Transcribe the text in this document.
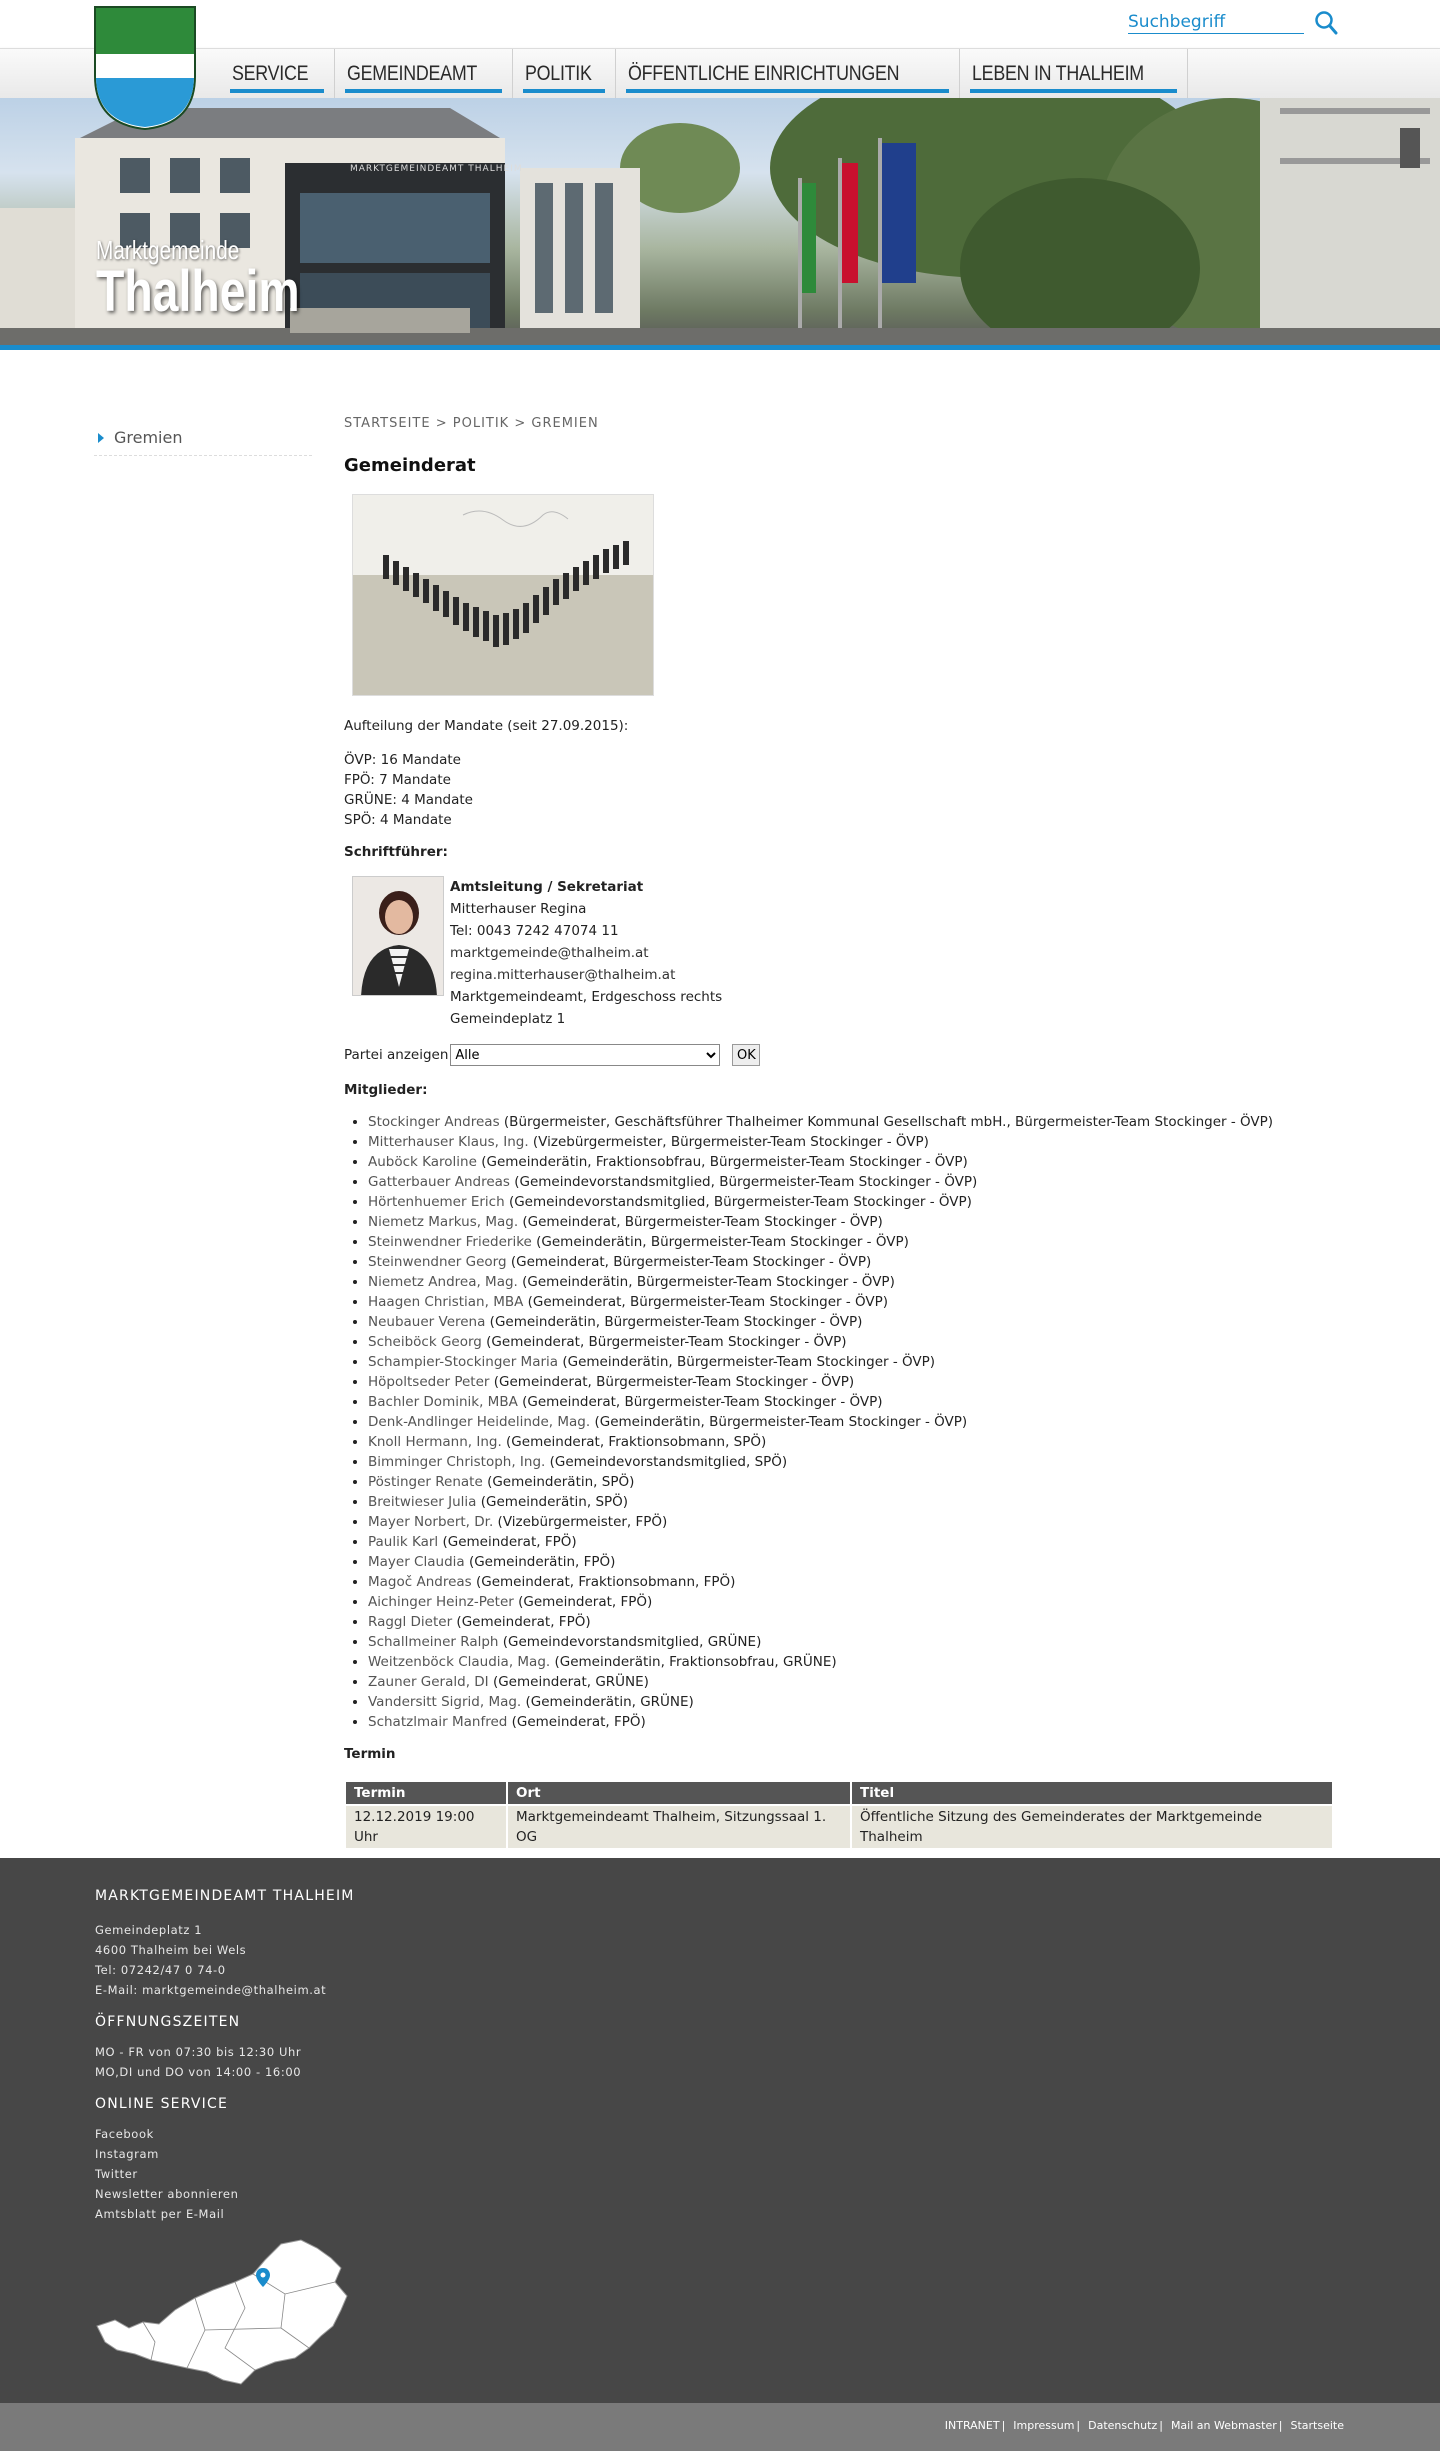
Suchbegriff
SERVICE GEMEINDEAMT POLITIK ÖFFENTLICHE EINRICHTUNGEN	LEBEN IN THALHEIM
MARKTGEMEINDEAMT THALHEIM
Marktgemeinde
Thalheim
Gremien
STARTSEITE > POLITIK > GREMIEN
Gemeinderat

Aufteilung der Mandate (seit 27.09.2015):

ÖVP: 16 Mandate

FPÖ: 7 Mandate

GRÜNE: 4 Mandate

SPÖ: 4 Mandate

Schriftführer:

Amtsleitung / Sekretariat
Mitterhauser Regina
Tel: 0043 7242 47074 11
marktgemeinde@thalheim.at
regina.mitterhauser@thalheim.at
Marktgemeindeamt, Erdgeschoss rechts
Gemeindeplatz 1
Partei anzeigen
Alle	OK

Mitglieder:

• Stockinger Andreas (Bürgermeister, Geschäftsführer Thalheimer Kommunal Gesellschaft mbH., Bürgermeister-Team Stockinger - ÖVP)
• Mitterhauser Klaus, Ing. (Vizebürgermeister, Bürgermeister-Team Stockinger - ÖVP)
• Auböck Karoline (Gemeinderätin, Fraktionsobfrau, Bürgermeister-Team Stockinger - ÖVP)
• Gatterbauer Andreas (Gemeindevorstandsmitglied, Bürgermeister-Team Stockinger - ÖVP)
• Hörtenhuemer Erich (Gemeindevorstandsmitglied, Bürgermeister-Team Stockinger - ÖVP)
• Niemetz Markus, Mag. (Gemeinderat, Bürgermeister-Team Stockinger - ÖVP)
• Steinwendner Friederike (Gemeinderätin, Bürgermeister-Team Stockinger - ÖVP)
• Steinwendner Georg (Gemeinderat, Bürgermeister-Team Stockinger - ÖVP)
• Niemetz Andrea, Mag. (Gemeinderätin, Bürgermeister-Team Stockinger - ÖVP)
• Haagen Christian, MBA (Gemeinderat, Bürgermeister-Team Stockinger - ÖVP)
• Neubauer Verena (Gemeinderätin, Bürgermeister-Team Stockinger - ÖVP)
• Scheiböck Georg (Gemeinderat, Bürgermeister-Team Stockinger - ÖVP)
• Schampier-Stockinger Maria (Gemeinderätin, Bürgermeister-Team Stockinger - ÖVP)
• Höpoltseder Peter (Gemeinderat, Bürgermeister-Team Stockinger - ÖVP)
• Bachler Dominik, MBA (Gemeinderat, Bürgermeister-Team Stockinger - ÖVP)
• Denk-Andlinger Heidelinde, Mag. (Gemeinderätin, Bürgermeister-Team Stockinger - ÖVP)
• Knoll Hermann, Ing. (Gemeinderat, Fraktionsobmann, SPÖ)
• Bimminger Christoph, Ing. (Gemeindevorstandsmitglied, SPÖ)
• Pöstinger Renate (Gemeinderätin, SPÖ)
• Breitwieser Julia (Gemeinderätin, SPÖ)
• Mayer Norbert, Dr. (Vizebürgermeister, FPÖ)
• Paulik Karl (Gemeinderat, FPÖ)
• Mayer Claudia (Gemeinderätin, FPÖ)
• Magoč Andreas (Gemeinderat, Fraktionsobmann, FPÖ)
• Aichinger Heinz-Peter (Gemeinderat, FPÖ)
• Raggl Dieter (Gemeinderat, FPÖ)
• Schallmeiner Ralph (Gemeindevorstandsmitglied, GRÜNE)
• Weitzenböck Claudia, Mag. (Gemeinderätin, Fraktionsobfrau, GRÜNE)
• Zauner Gerald, DI (Gemeinderat, GRÜNE)
• Vandersitt Sigrid, Mag. (Gemeinderätin, GRÜNE)
• Schatzlmair Manfred (Gemeinderat, FPÖ)

Termin

Termin	Ort	Titel
12.12.2019 19:00 Uhr	Marktgemeindeamt Thalheim, Sitzungssaal 1. OG	Öffentliche Sitzung des Gemeinderates der Marktgemeinde Thalheim
MARKTGEMEINDEAMT THALHEIM
Gemeindeplatz 1
4600 Thalheim bei Wels
Tel: 07242/47 0 74-0
E-Mail: marktgemeinde@thalheim.at
ÖFFNUNGSZEITEN
MO - FR von 07:30 bis 12:30 Uhr
MO,DI und DO von 14:00 - 16:00
ONLINE SERVICE
Facebook
Instagram
Twitter
Newsletter abonnieren
Amtsblatt per E-Mail
INTRANET | Impressum | Datenschutz | Mail an Webmaster | Startseite
